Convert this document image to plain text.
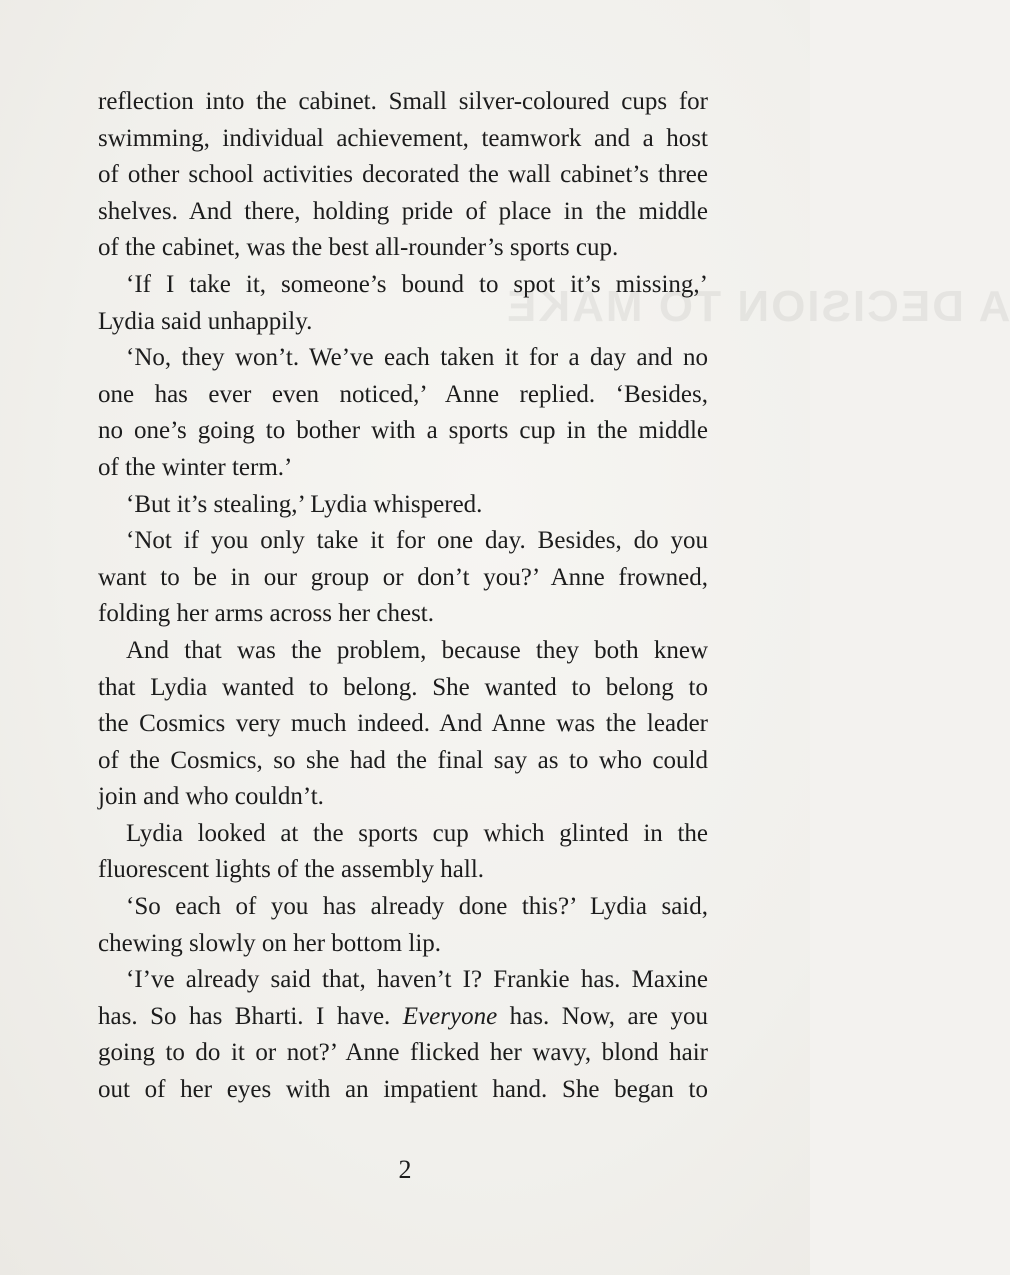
A DECISION TO MAKE
reflection into the cabinet. Small silver-coloured cups for
swimming, individual achievement, teamwork and a host
of other school activities decorated the wall cabinet’s three
shelves. And there, holding pride of place in the middle
of the cabinet, was the best all-rounder’s sports cup.
‘If I take it, someone’s bound to spot it’s missing,’
Lydia said unhappily.
‘No, they won’t. We’ve each taken it for a day and no
one has ever even noticed,’ Anne replied. ‘Besides,
no one’s going to bother with a sports cup in the middle
of the winter term.’
‘But it’s stealing,’ Lydia whispered.
‘Not if you only take it for one day. Besides, do you
want to be in our group or don’t you?’ Anne frowned,
folding her arms across her chest.
And that was the problem, because they both knew
that Lydia wanted to belong. She wanted to belong to
the Cosmics very much indeed. And Anne was the leader
of the Cosmics, so she had the final say as to who could
join and who couldn’t.
Lydia looked at the sports cup which glinted in the
fluorescent lights of the assembly hall.
‘So each of you has already done this?’ Lydia said,
chewing slowly on her bottom lip.
‘I’ve already said that, haven’t I? Frankie has. Maxine
has. So has Bharti. I have. Everyone has. Now, are you
going to do it or not?’ Anne flicked her wavy, blond hair
out of her eyes with an impatient hand. She began to
2
